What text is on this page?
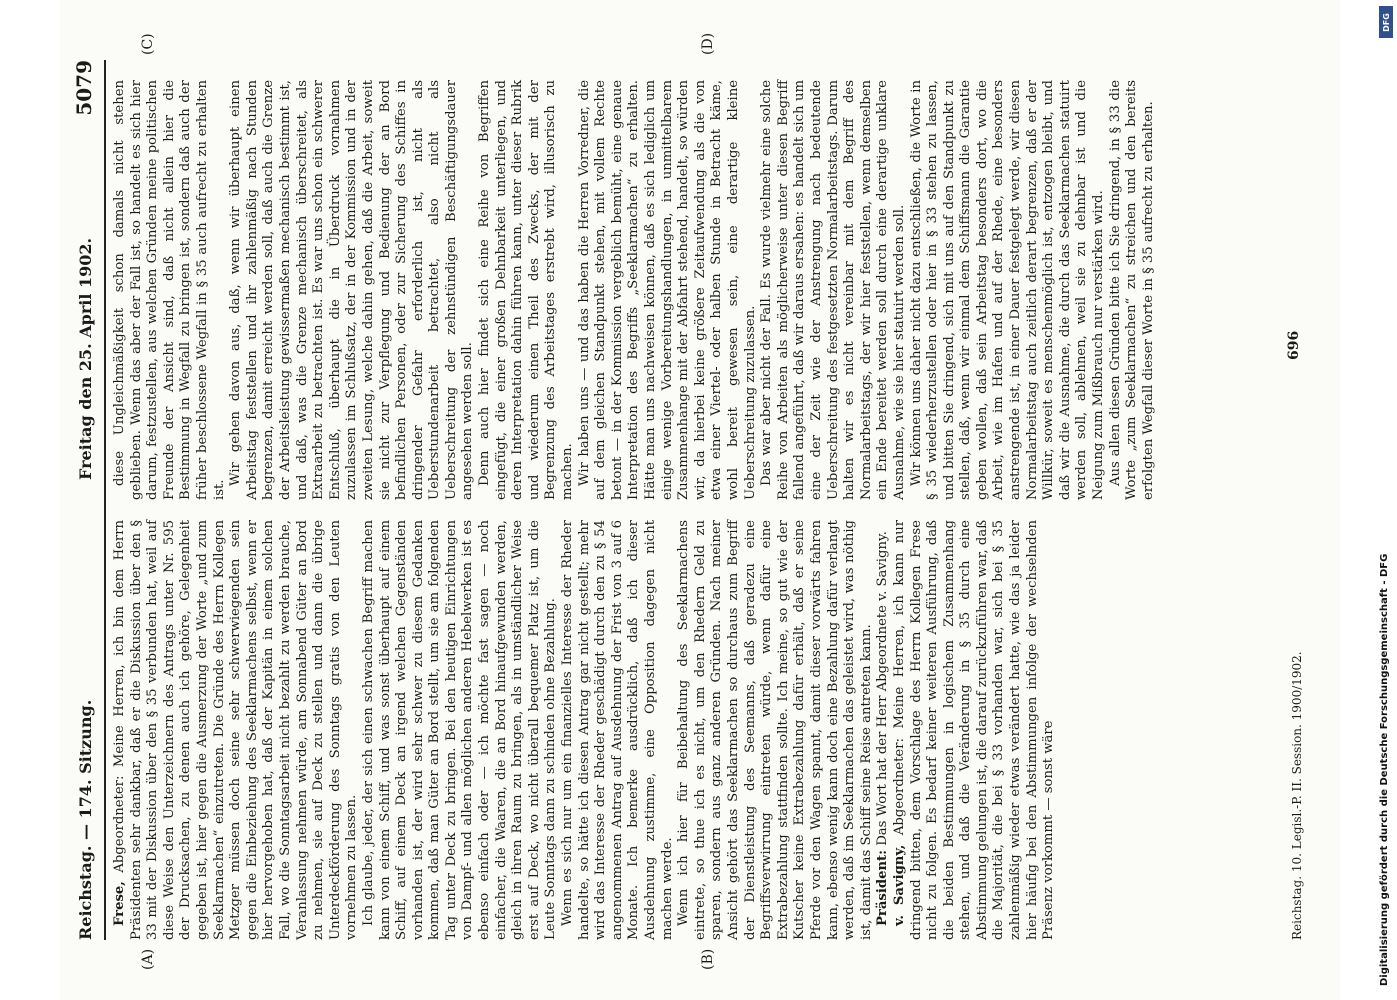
Reichstag. — 174. Sitzung.
Freitag den 25. April 1902.
5079
(A)	(B)
(C)	(D)

Frese, Abgeordneter: Meine Herren, ich bin dem Herrn Präsidenten sehr dankbar, daß er die Diskussion über den § 33 mit der Diskussion über den § 35 verbunden hat, weil auf diese Weise den Unterzeichnern des Antrags unter Nr. 595 der Drucksachen, zu denen auch ich gehöre, Gelegenheit gegeben ist, hier gegen die Ausmerzung der Worte „und zum Seeklarmachen“ einzutreten. Die Gründe des Herrn Kollegen Metzger müssen doch seine sehr schwerwiegenden sein gegen die Einbeziehung des Seeklarmachens selbst, wenn er hier hervorgehoben hat, daß der Kapitän in einem solchen Fall, wo die Sonntagsarbeit nicht bezahlt zu werden brauche, Veranlassung nehmen würde, am Sonnabend Güter an Bord zu nehmen, sie auf Deck zu stellen und dann die übrige Unterdeckförderung des Sonntags gratis von den Leuten vornehmen zu lassen. Ich glaube, jeder, der sich einen schwachen Begriff machen kann von einem Schiff, und was sonst überhaupt auf einem Schiff, auf einem Deck an irgend welchen Gegenständen vorhanden ist, der wird sehr schwer zu diesem Gedanken kommen, daß man Güter an Bord stellt, um sie am folgenden Tag unter Deck zu bringen. Bei den heutigen Einrichtungen von Dampf- und allen möglichen anderen Hebelwerken ist es ebenso einfach oder — ich möchte fast sagen — noch einfacher, die Waaren, die an Bord hinaufgewunden werden, gleich in ihren Raum zu bringen, als in umständlicher Weise erst auf Deck, wo nicht überall bequemer Platz ist, um die Leute Sonntags dann zu schinden ohne Bezahlung. Wenn es sich nur um ein finanzielles Interesse der Rheder handelte, so hätte ich diesen Antrag gar nicht gestellt; mehr wird das Interesse der Rheder geschädigt durch den zu § 54 angenommenen Antrag auf Ausdehnung der Frist von 3 auf 6 Monate. Ich bemerke ausdrücklich, daß ich dieser Ausdehnung zustimme, eine Opposition dagegen nicht machen werde. Wenn ich hier für Beibehaltung des Seeklarmachens eintrete, so thue ich es nicht, um den Rhedern Geld zu sparen, sondern aus ganz anderen Gründen. Nach meiner Ansicht gehört das Seeklarmachen so durchaus zum Begriff der Dienstleistung des Seemanns, daß geradezu eine Begriffsverwirrung eintreten würde, wenn dafür eine Extrabezahlung stattfinden sollte. Ich meine, so gut wie der Kutscher keine Extrabezahlung dafür erhält, daß er seine Pferde vor den Wagen spannt, damit dieser vorwärts fahren kann, ebenso wenig kann doch eine Bezahlung dafür verlangt werden, daß im Seeklarmachen das geleistet wird, was nöthig ist, damit das Schiff seine Reise antreten kann. Präsident: Das Wort hat der Herr Abgeordnete v. Savigny.

v. Savigny, Abgeordneter: Meine Herren, ich kann nur dringend bitten, dem Vorschlage des Herrn Kollegen Frese nicht zu folgen. Es bedarf keiner weiteren Ausführung, daß die beiden Bestimmungen in logischem Zusammenhang stehen, und daß die Veränderung in § 35 durch eine Abstimmung gelungen ist, die darauf zurückzuführen war, daß die Majorität, die bei § 33 vorhanden war, sich bei § 35 zahlenmäßig wieder etwas verändert hatte, wie das ja leider hier häufig bei den Abstimmungen infolge der wechselnden Präsenz vorkommt — sonst wäre

diese Ungleichmäßigkeit schon damals nicht stehen geblieben. Wenn das aber der Fall ist, so handelt es sich hier darum, festzustellen, aus welchen Gründen meine politischen Freunde der Ansicht sind, daß nicht allein hier die Bestimmung in Wegfall zu bringen ist, sondern daß auch der früher beschlossene Wegfall in § 35 auch aufrecht zu erhalten ist.

Wir gehen davon aus, daß, wenn wir überhaupt einen Arbeitstag feststellen und ihr zahlenmäßig nach Stunden begrenzen, damit erreicht werden soll, daß auch die Grenze der Arbeitsleistung gewissermaßen mechanisch bestimmt ist, und daß, was die Grenze mechanisch überschreitet, als Extraarbeit zu betrachten ist. Es war uns schon ein schwerer Entschluß, überhaupt die in Überdruck vornahmen zuzulassen im Schlußsatz, der in der Kommission und in der zweiten Lesung, welche dahin gehen, daß die Arbeit, soweit sie nicht zur Verpflegung und Bedienung der an Bord befindlichen Personen, oder zur Sicherung des Schiffes in dringender Gefahr erforderlich ist, nicht als Ueberstundenarbeit betrachtet, also nicht als Ueberschreitung der zehnstündigen Beschäftigungsdauer angesehen werden soll. Denn auch hier findet sich eine Reihe von Begriffen eingefügt, die einer großen Dehnbarkeit unterliegen, und deren Interpretation dahin führen kann, unter dieser Rubrik und wiederum einen Theil des Zwecks, der mit der Begrenzung des Arbeitstages erstrebt wird, illusorisch zu machen. Wir haben uns — und das haben die Herren Vorredner, die auf dem gleichen Standpunkt stehen, mit vollem Rechte betont — in der Kommission vergeblich bemüht, eine genaue Interpretation des Begriffs „Seeklarmachen“ zu erhalten. Hätte man uns nachweisen können, daß es sich lediglich um einige wenige Vorbereitungshandlungen, in unmittelbarem Zusammenhange mit der Abfahrt stehend, handelt, so würden wir, da hierbei keine größere Zeitaufwendung als die von etwa einer Viertel- oder halben Stunde in Betracht käme, wohl bereit gewesen sein, eine derartige kleine Ueberschreitung zuzulassen. Das war aber nicht der Fall. Es wurde vielmehr eine solche Reihe von Arbeiten als möglicherweise unter diesen Begriff fallend angeführt, daß wir daraus ersahen: es handelt sich um eine der Zeit wie der Anstrengung nach bedeutende Ueberschreitung des festgesetzten Normalarbeitstags. Darum halten wir es nicht vereinbar mit dem Begriff des Normalarbeitstags, der wir hier feststellen, wenn demselben ein Ende bereitet werden soll durch eine derartige unklare Ausnahme, wie sie hier statuirt werden soll. Wir können uns daher nicht dazu entschließen, die Worte in § 35 wiederherzustellen oder hier in § 33 stehen zu lassen, und bitten Sie dringend, sich mit uns auf den Standpunkt zu stellen, daß, wenn wir einmal dem Schiffsmann die Garantie geben wollen, daß sein Arbeitstag besonders dort, wo die Arbeit, wie im Hafen und auf der Rhede, eine besonders anstrengende ist, in einer Dauer festgelegt werde, wir diesen Normalarbeitstag auch zeitlich derart begrenzen, daß er der Willkür, soweit es menschenmöglich ist, entzogen bleibt, und daß wir die Ausnahme, die durch das Seeklarmachen statuirt werden soll, ablehnen, weil sie zu dehnbar ist und die Neigung zum Mißbrauch nur verstärken wird. Aus allen diesen Gründen bitte ich Sie dringend, in § 33 die Worte „zum Seeklarmachen“ zu streichen und den bereits erfolgten Wegfall dieser Worte in § 35 aufrecht zu erhalten.

Reichstag. 10. Legisl.-P. II. Session. 1900/1902.
696
DFG
Digitalisierung gefördert durch die Deutsche Forschungsgemeinschaft - DFG
